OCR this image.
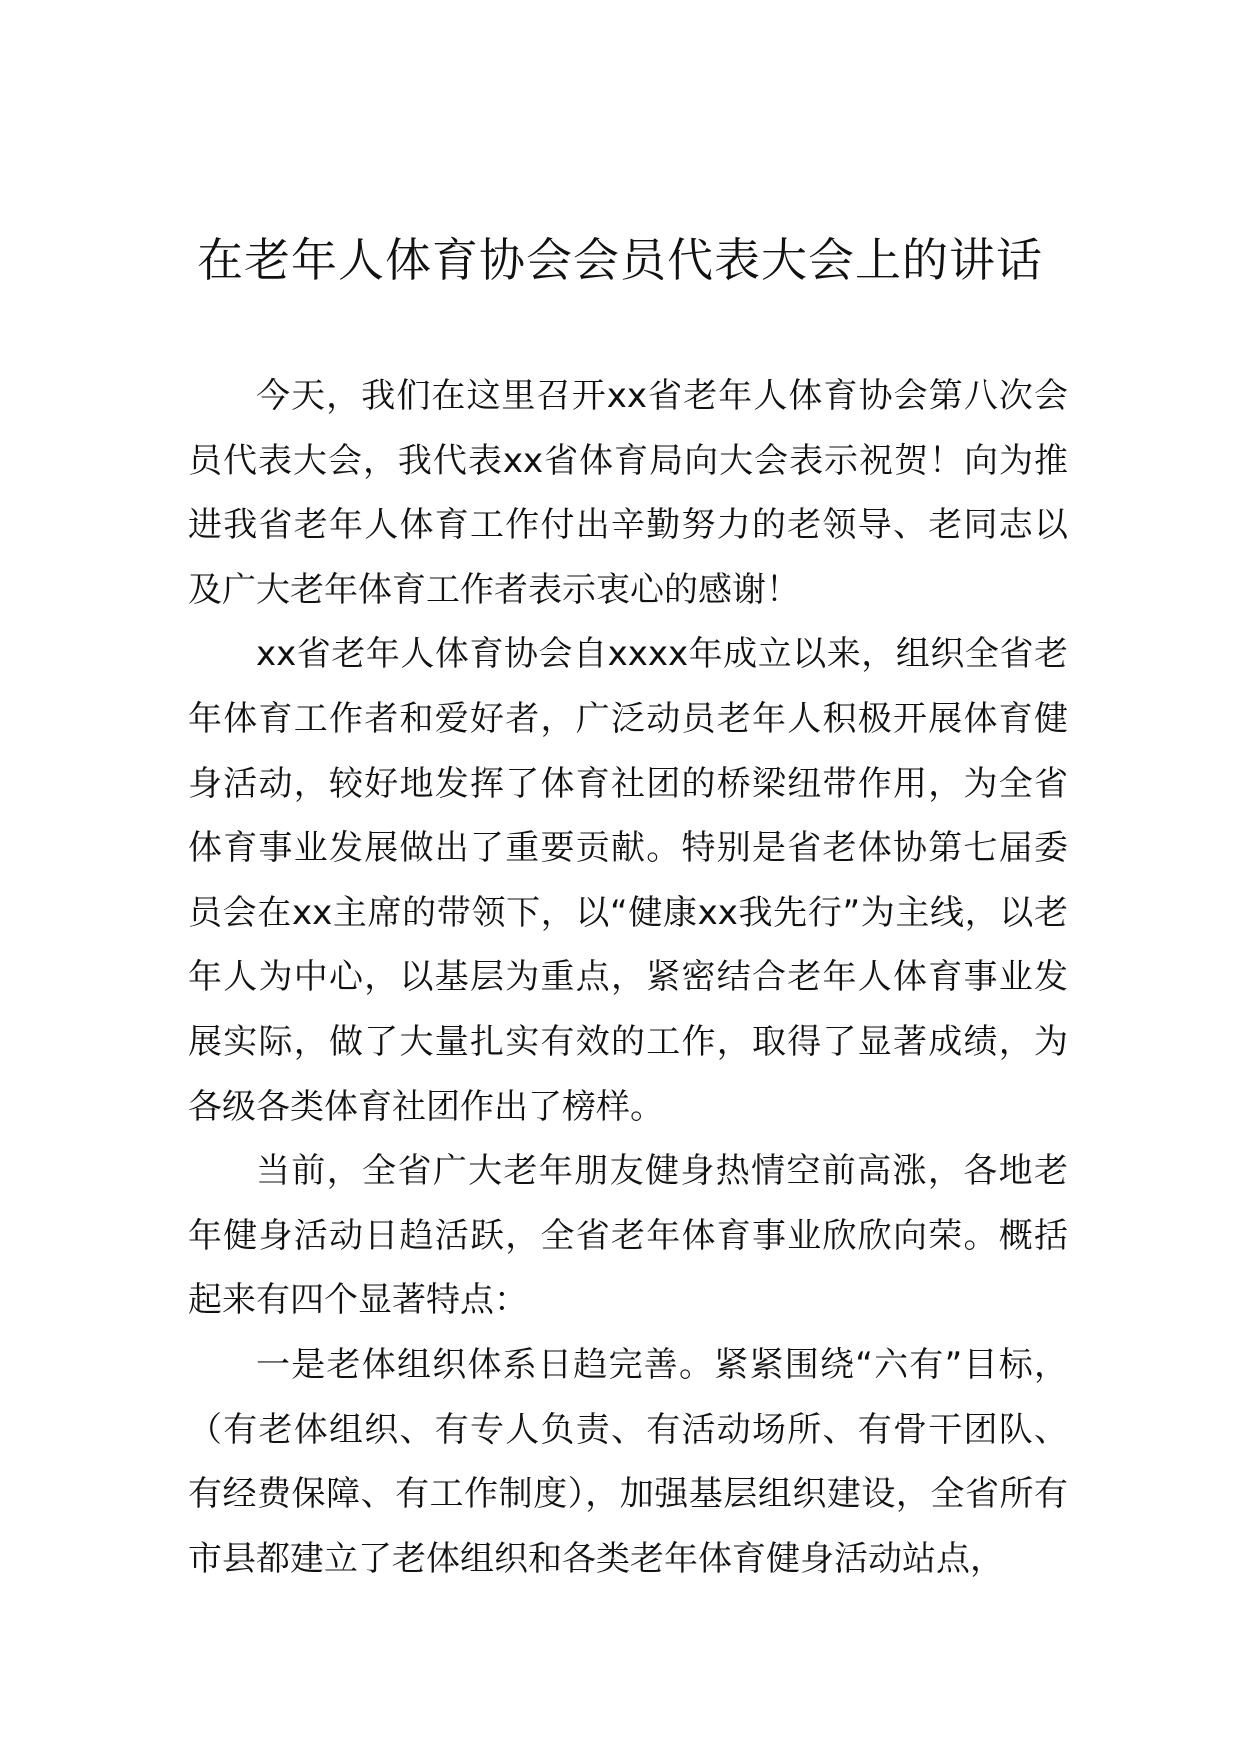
在老年人体育协会会员代表大会上的讲话

今天，我们在这里召开xx省老年人体育协会第八次会员代表大会，我代表xx省体育局向大会表示祝贺！向为推进我省老年人体育工作付出辛勤努力的老领导、老同志以及广大老年体育工作者表示衷心的感谢！

xx省老年人体育协会自xxxx年成立以来，组织全省老年体育工作者和爱好者，广泛动员老年人积极开展体育健身活动，较好地发挥了体育社团的桥梁纽带作用，为全省体育事业发展做出了重要贡献。特别是省老体协第七届委员会在xx主席的带领下，以“健康xx我先行”为主线，以老年人为中心，以基层为重点，紧密结合老年人体育事业发展实际，做了大量扎实有效的工作，取得了显著成绩，为各级各类体育社团作出了榜样。

当前，全省广大老年朋友健身热情空前高涨，各地老年健身活动日趋活跃，全省老年体育事业欣欣向荣。概括起来有四个显著特点：

一是老体组织体系日趋完善。紧紧围绕“六有”目标，（有老体组织、有专人负责、有活动场所、有骨干团队、有经费保障、有工作制度），加强基层组织建设，全省所有市县都建立了老体组织和各类老年体育健身活动站点，
